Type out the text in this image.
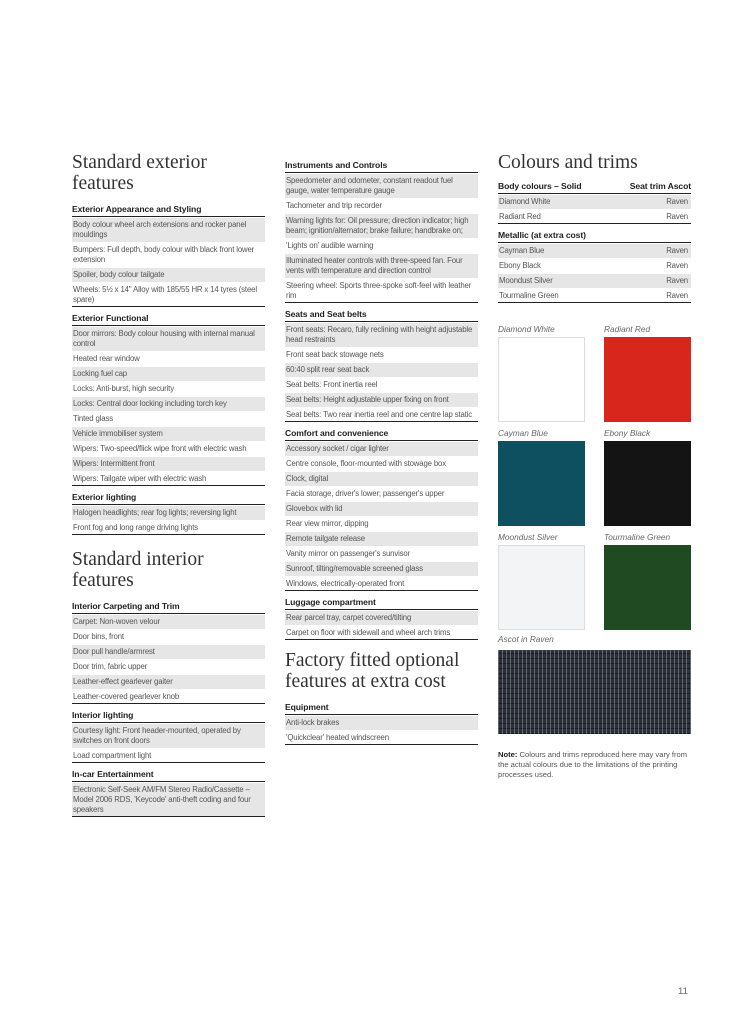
Standard exterior features
Exterior Appearance and Styling
Body colour wheel arch extensions and rocker panel mouldings
Bumpers: Full depth, body colour with black front lower extension
Spoiler, body colour tailgate
Wheels: 5½ x 14" Alloy with 185/55 HR x 14 tyres (steel spare)
Exterior Functional
Door mirrors: Body colour housing with internal manual control
Heated rear window
Locking fuel cap
Locks: Anti-burst, high security
Locks: Central door locking including torch key
Tinted glass
Vehicle immobiliser system
Wipers: Two-speed/flick wipe front with electric wash
Wipers: Intermittent front
Wipers: Tailgate wiper with electric wash
Exterior lighting
Halogen headlights; rear fog lights; reversing light
Front fog and long range driving lights
Standard interior features
Interior Carpeting and Trim
Carpet: Non-woven velour
Door bins, front
Door pull handle/armrest
Door trim, fabric upper
Leather-effect gearlever gaiter
Leather-covered gearlever knob
Interior lighting
Courtesy light: Front header-mounted, operated by switches on front doors
Load compartment light
In-car Entertainment
Electronic Self-Seek AM/FM Stereo Radio/Cassette – Model 2006 RDS, 'Keycode' anti-theft coding and four speakers
Instruments and Controls
Speedometer and odometer, constant readout fuel gauge, water temperature gauge
Tachometer and trip recorder
Warning lights for: Oil pressure; direction indicator; high beam; ignition/alternator; brake failure; handbrake on;
'Lights on' audible warning
Illuminated heater controls with three-speed fan. Four vents with temperature and direction control
Steering wheel: Sports three-spoke soft-feel with leather rim
Seats and Seat belts
Front seats: Recaro, fully reclining with height adjustable head restraints
Front seat back stowage nets
60:40 split rear seat back
Seat belts: Front inertia reel
Seat belts: Height adjustable upper fixing on front
Seat belts: Two rear inertia reel and one centre lap static
Comfort and convenience
Accessory socket / cigar lighter
Centre console, floor-mounted with stowage box
Clock, digital
Facia storage, driver's lower; passenger's upper
Glovebox with lid
Rear view mirror, dipping
Remote tailgate release
Vanity mirror on passenger's sunvisor
Sunroof, tilting/removable screened glass
Windows, electrically-operated front
Luggage compartment
Rear parcel tray, carpet covered/tilting
Carpet on floor with sidewall and wheel arch trims
Factory fitted optional features at extra cost
Equipment
Anti-lock brakes
'Quickclear' heated windscreen
Colours and trims
Body colours – Solid	Seat trim Ascot
Diamond White	Raven
Radiant Red	Raven
Metallic (at extra cost)
Cayman Blue	Raven
Ebony Black	Raven
Moondust Silver	Raven
Tourmaline Green	Raven
Diamond White	Radiant Red
Cayman Blue	Ebony Black
Moondust Silver	Tourmaline Green
Ascot in Raven
Note: Colours and trims reproduced here may vary from the actual colours due to the limitations of the printing processes used.
11
